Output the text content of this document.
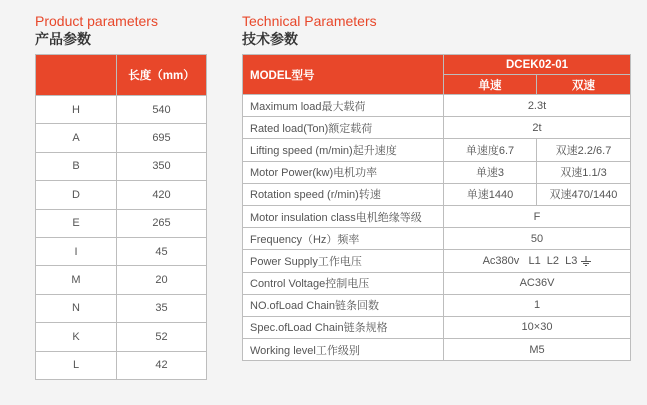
Product parameters
产品参数
Technical Parameters
技术参数
	长度（mm）
H	540
A	695
B	350
D	420
E	265
I	45
M	20
N	35
K	52
L	42
MODEL型号	DCEK02-01	
	单速	双速
Maximum load最大载荷	2.3t	
Rated load(Ton)额定载荷	2t	
Lifting speed (m/min)起升速度	单速度6.7	双速2.2/6.7
Motor Power(kw)电机功率	单速3	双速1.1/3
Rotation speed (r/min)转速	单速1440	双速470/1440
Motor insulation class电机绝缘等级	F	
Frequency（Hz）频率	50	
Power Supply工作电压	Ac380v   L1  L2  L3	

Control Voltage控制电压	AC36V	
NO.ofLoad Chain链条回数	1	
Spec.ofLoad Chain链条规格	10×30	
Working level工作级别	M5	
